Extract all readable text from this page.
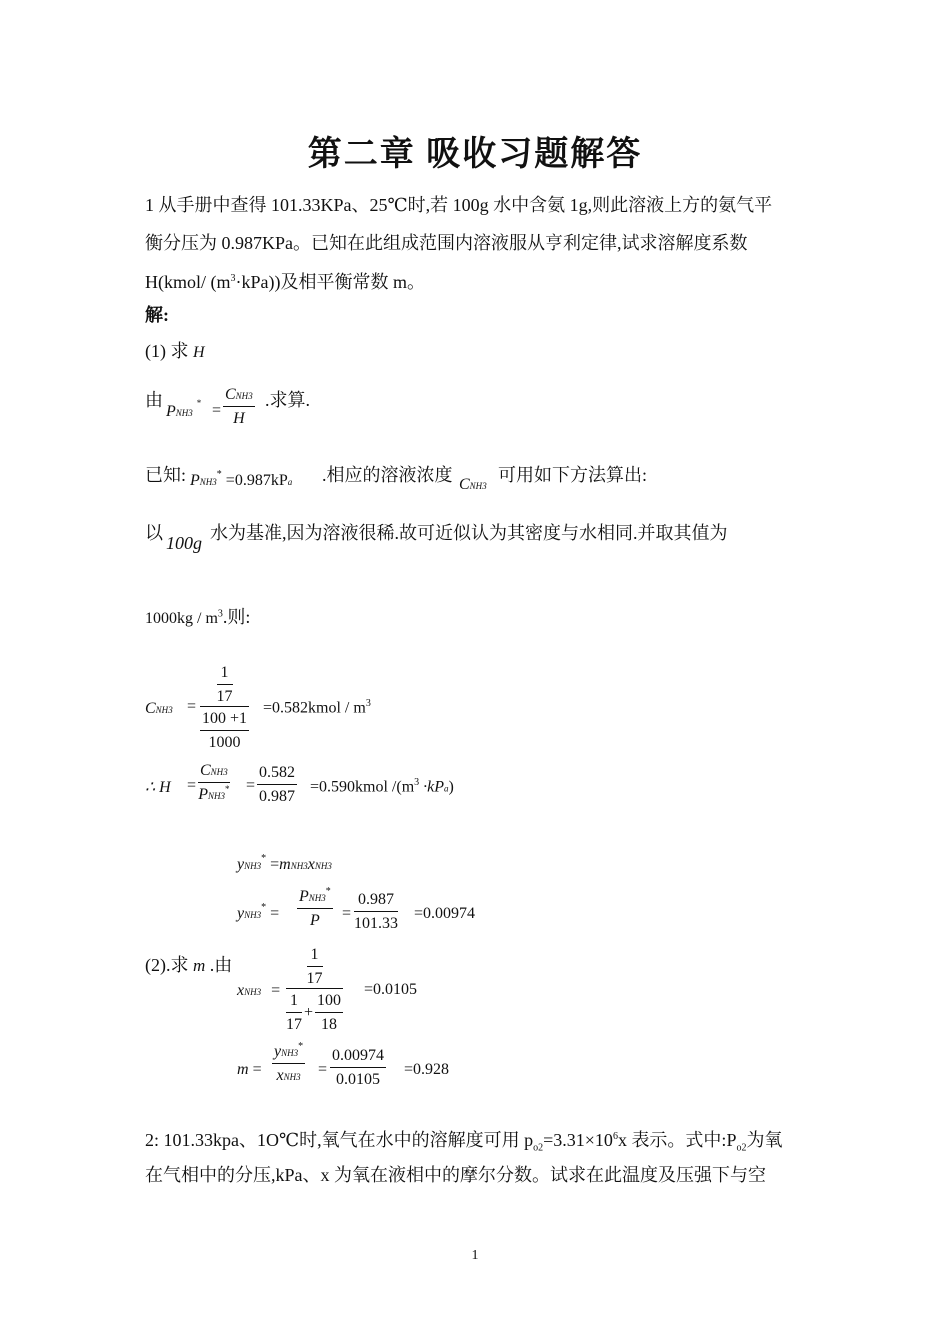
第二章 吸收习题解答
1 从手册中查得 101.33KPa、25℃时,若 100g 水中含氨 1g,则此溶液上方的氨气平
衡分压为 0.987KPa。已知在此组成范围内溶液服从亨利定律,试求溶解度系数
H(kmol/ $(m^3\cdot kPa)$)及相平衡常数 m。
解:
(1) 求 H
由
PNH3 * =
CNH3
H
.求算.
已知: PNH3* =0.987kPa .相应的溶液浓度 CNH3
可用如下方法算出:
以 100g 水为基准,因为溶液很稀.故可近似认为其密度与水相同.并取其值为
$1000kg / m^3$.则:
$CNH3 = \frac{\frac{1}{17}}{\frac{100 +1}{1000}}$ =0.582kmol / $m^3$
∴ H =
CNH3
$PNH3^* = \frac{0.582}{0.987}$ =0.590kmol $/(m^3 \cdot kPa)$
yNH3* =mNH3xNH3
yNH3* =
PNH3*
P	= $\frac{0.987}{101.33} =0.00974$
(2).求 m .由
$xNH3 = \frac{\frac{1}{17}}{\frac{1}{17} + \frac{100}{18}} =0.0105$
m =
yNH3*
$xNH3 = \frac{0.00974}{0.0105} =0.928$
2: 101.33kpa、1O℃时,氧气在水中的溶解度可用 $p_{o2}=3.31\times 10^6x$ 表示。式中$:P_{o2}$为氧
在气相中的分压,kPa、x 为氧在液相中的摩尔分数。试求在此温度及压强下与空
1
